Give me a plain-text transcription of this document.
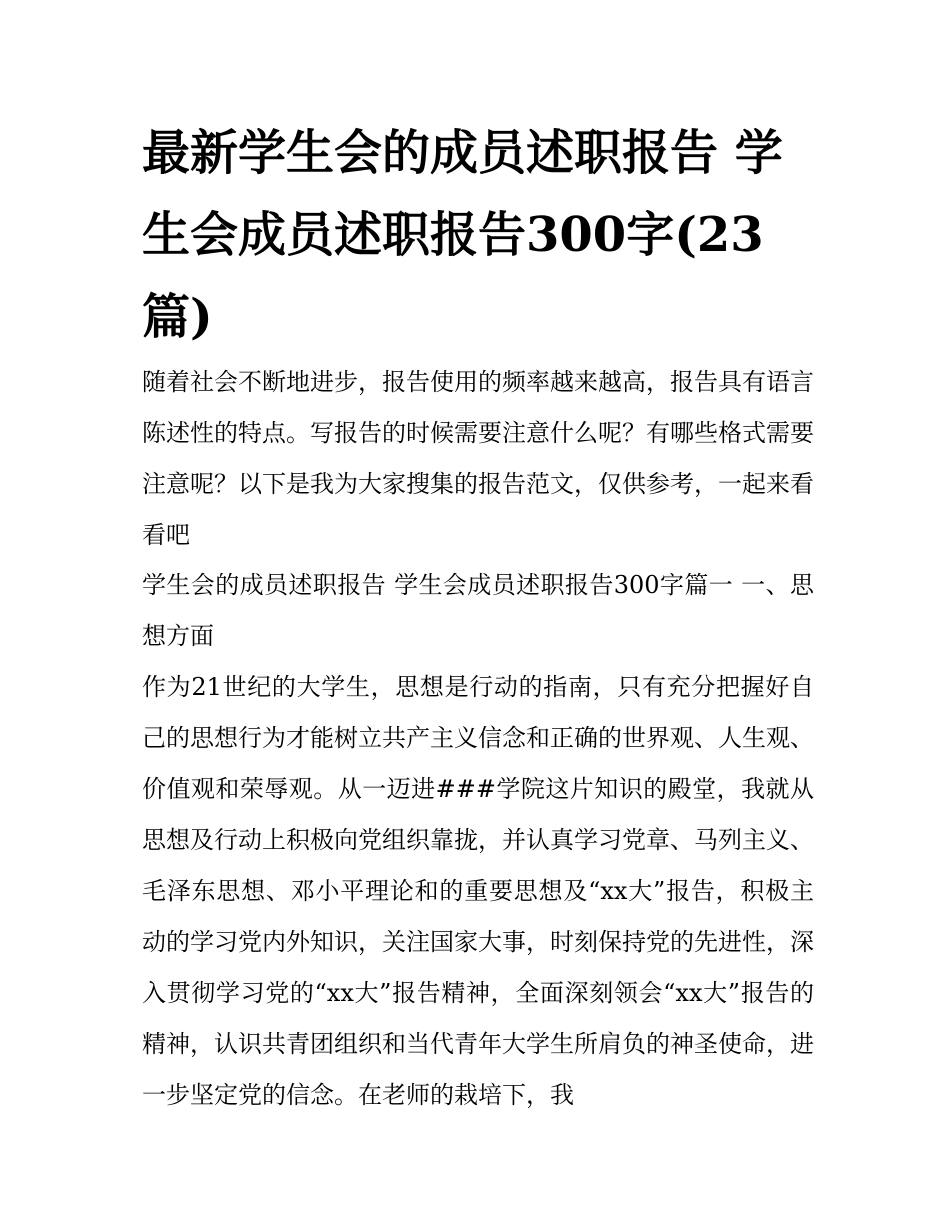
最新学生会的成员述职报告 学生会成员述职报告300字(23篇)

随着社会不断地进步，报告使用的频率越来越高，报告具有语言陈述性的特点。写报告的时候需要注意什么呢？有哪些格式需要注意呢？以下是我为大家搜集的报告范文，仅供参考，一起来看看吧

学生会的成员述职报告 学生会成员述职报告300字篇一 一、思想方面

作为21世纪的大学生，思想是行动的指南，只有充分把握好自己的思想行为才能树立共产主义信念和正确的世界观、人生观、价值观和荣辱观。从一迈进###学院这片知识的殿堂，我就从思想及行动上积极向党组织靠拢，并认真学习党章、马列主义、毛泽东思想、邓小平理论和的重要思想及“xx大”报告，积极主动的学习党内外知识，关注国家大事，时刻保持党的先进性，深入贯彻学习党的“xx大”报告精神，全面深刻领会“xx大”报告的精神，认识共青团组织和当代青年大学生所肩负的神圣使命，进一步坚定党的信念。在老师的栽培下，我
